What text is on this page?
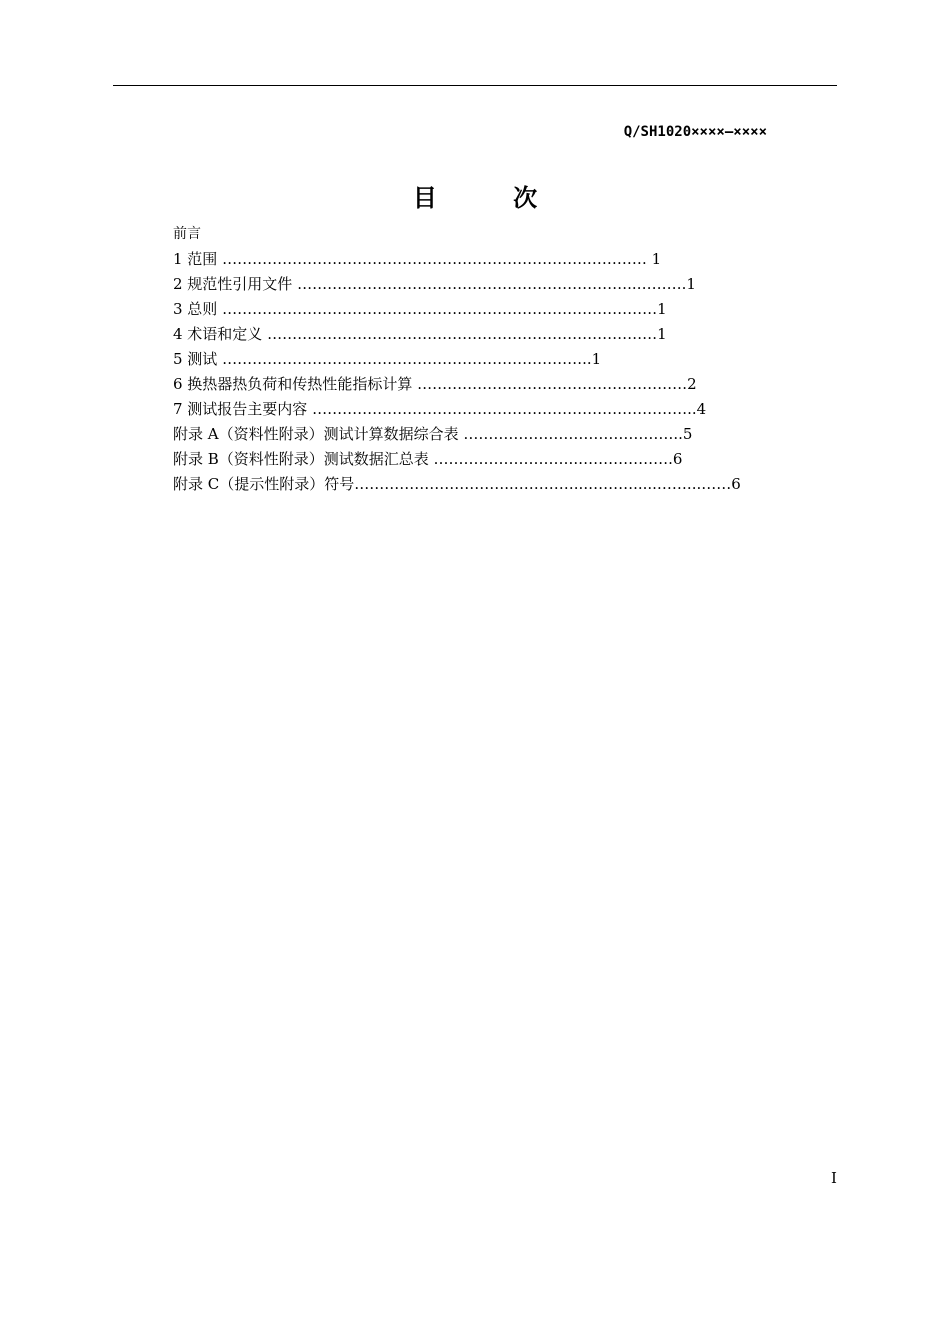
Q/SH1020××××—××××
目 次
前言
1 范围 ……………………………………………………………….………… 1
2 规范性引用文件 …………………………………………………………..……….1
3 总则 ……………………………………………………………………………1
4 术语和定义 ……………………………………………………………………1
5 测试 ………………………………………………………………..1
6 换热器热负荷和传热性能指标计算 ………………………………………………2
7 测试报告主要内容 …………………………………………………………………..4
附录 A（资料性附录）测试计算数据综合表 ……………………………………..5
附录 B（资料性附录）测试数据汇总表 ………………………..……………….6
附录 C（提示性附录）符号…………………………..…………...……….....……...……6
I
